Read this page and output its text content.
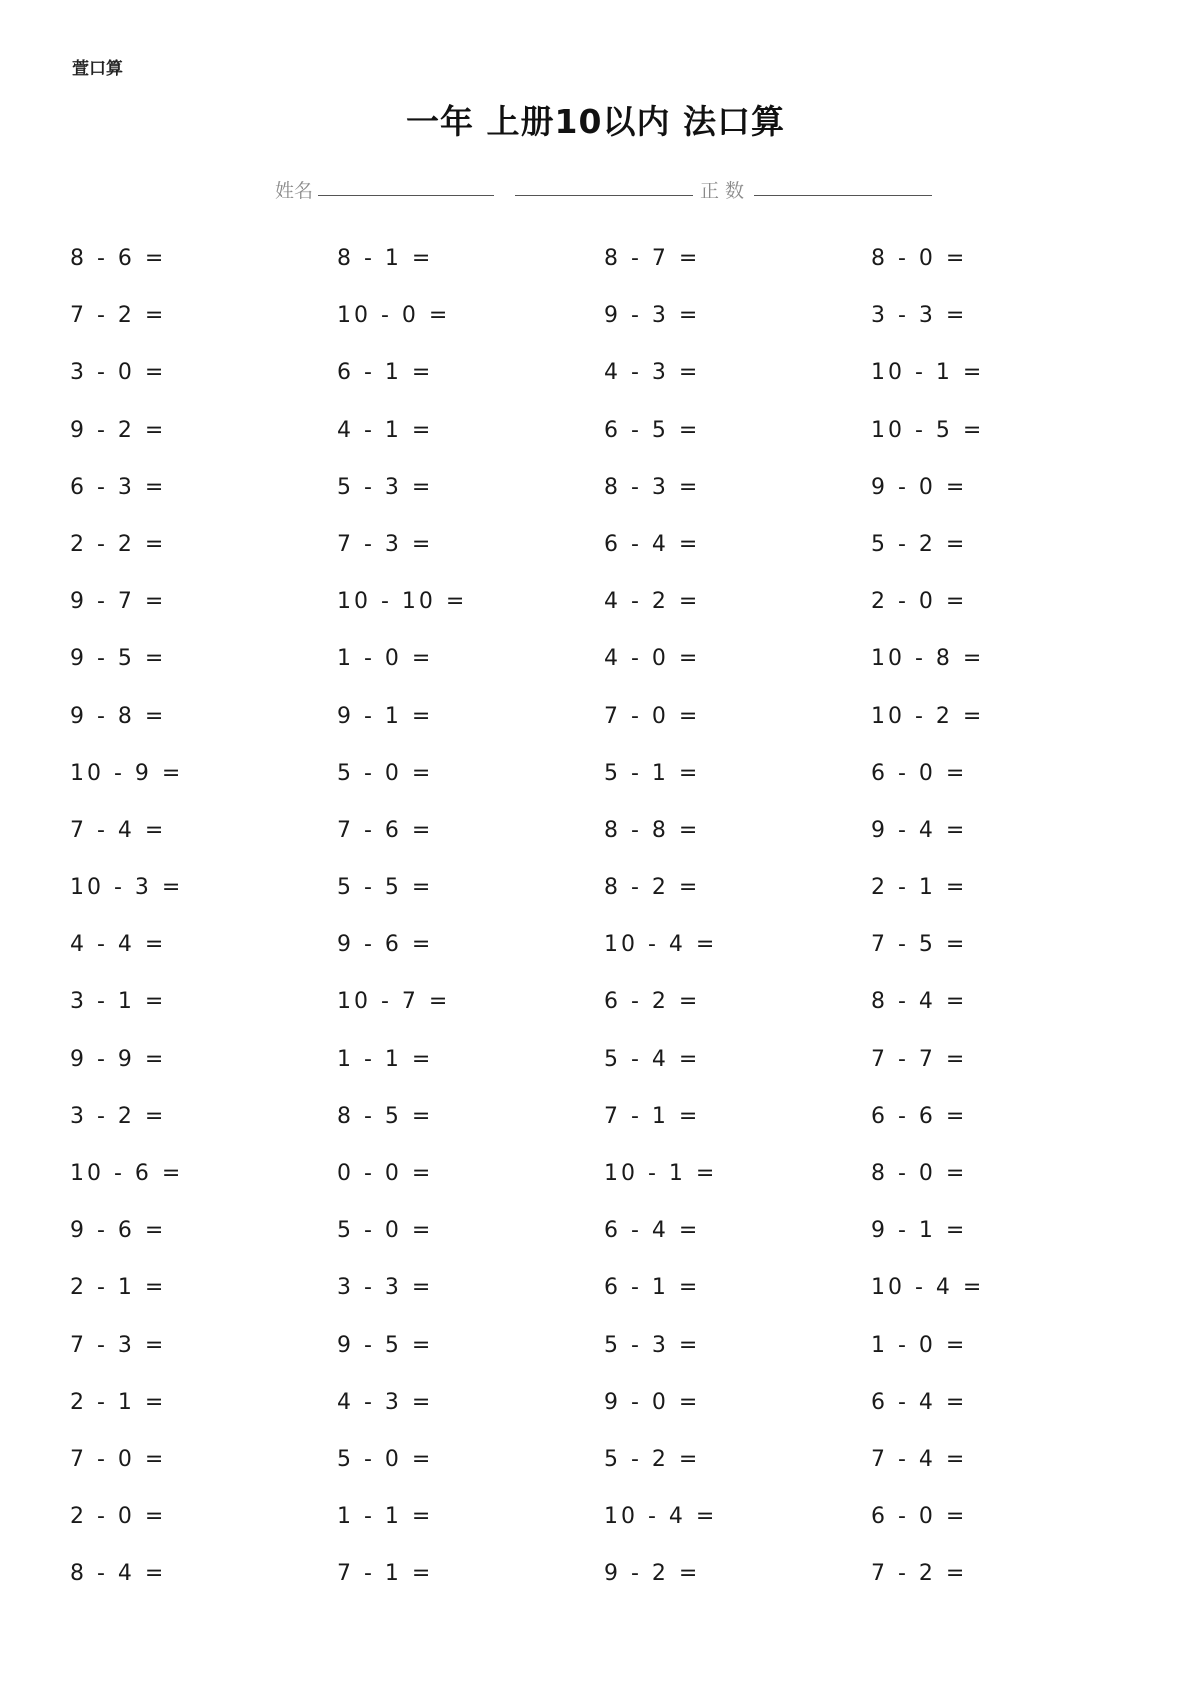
萱口算
一年 上册10以内 法口算
姓名	正 数
8 - 6 =	8 - 1 =	8 - 7 =	8 - 0 =
7 - 2 =	10 - 0 =	9 - 3 =	3 - 3 =
3 - 0 =	6 - 1 =	4 - 3 =	10 - 1 =
9 - 2 =	4 - 1 =	6 - 5 =	10 - 5 =
6 - 3 =	5 - 3 =	8 - 3 =	9 - 0 =
2 - 2 =	7 - 3 =	6 - 4 =	5 - 2 =
9 - 7 =	10 - 10 =	4 - 2 =	2 - 0 =
9 - 5 =	1 - 0 =	4 - 0 =	10 - 8 =
9 - 8 =	9 - 1 =	7 - 0 =	10 - 2 =
10 - 9 =	5 - 0 =	5 - 1 =	6 - 0 =
7 - 4 =	7 - 6 =	8 - 8 =	9 - 4 =
10 - 3 =	5 - 5 =	8 - 2 =	2 - 1 =
4 - 4 =	9 - 6 =	10 - 4 =	7 - 5 =
3 - 1 =	10 - 7 =	6 - 2 =	8 - 4 =
9 - 9 =	1 - 1 =	5 - 4 =	7 - 7 =
3 - 2 =	8 - 5 =	7 - 1 =	6 - 6 =
10 - 6 =	0 - 0 =	10 - 1 =	8 - 0 =
9 - 6 =	5 - 0 =	6 - 4 =	9 - 1 =
2 - 1 =	3 - 3 =	6 - 1 =	10 - 4 =
7 - 3 =	9 - 5 =	5 - 3 =	1 - 0 =
2 - 1 =	4 - 3 =	9 - 0 =	6 - 4 =
7 - 0 =	5 - 0 =	5 - 2 =	7 - 4 =
2 - 0 =	1 - 1 =	10 - 4 =	6 - 0 =
8 - 4 =	7 - 1 =	9 - 2 =	7 - 2 =
